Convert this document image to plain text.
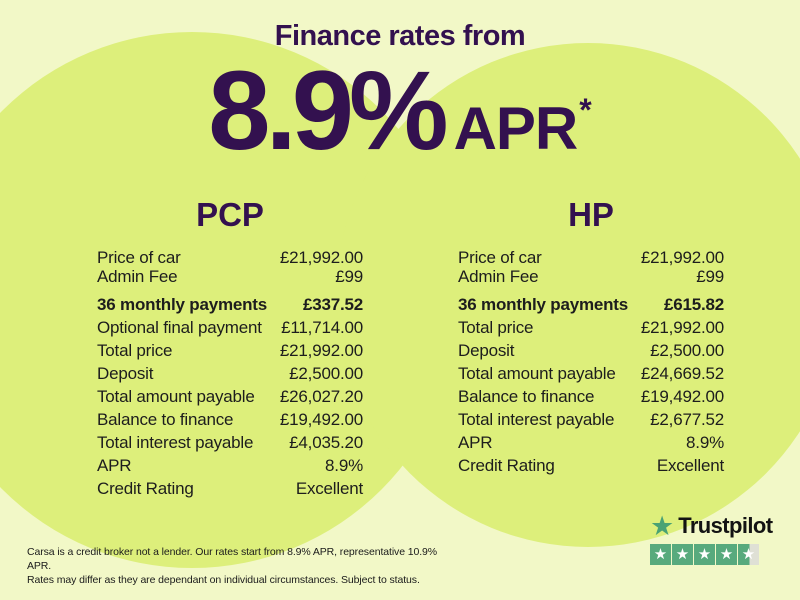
Finance rates from
8.9% APR*
PCP
Price of car	£21,992.00
Admin Fee	£99
36 monthly payments £337.52
Optional final payment £11,714.00
Total price	£21,992.00
Deposit	£2,500.00
Total amount payable £26,027.20
Balance to finance	£19,492.00
Total interest payable £4,035.20
APR	8.9%
Credit Rating	Excellent
HP
Price of car	£21,992.00
Admin Fee	£99
36 monthly payments £615.82
Total price	£21,992.00
Deposit	£2,500.00
Total amount payable £24,669.52
Balance to finance	£19,492.00
Total interest payable £2,677.52
APR	8.9%
Credit Rating	Excellent
Carsa is a credit broker not a lender. Our rates start from 8.9% APR, representative 10.9% APR.
Rates may differ as they are dependant on individual circumstances. Subject to status.
★ Trustpilot
★ ★ ★ ★ ★
